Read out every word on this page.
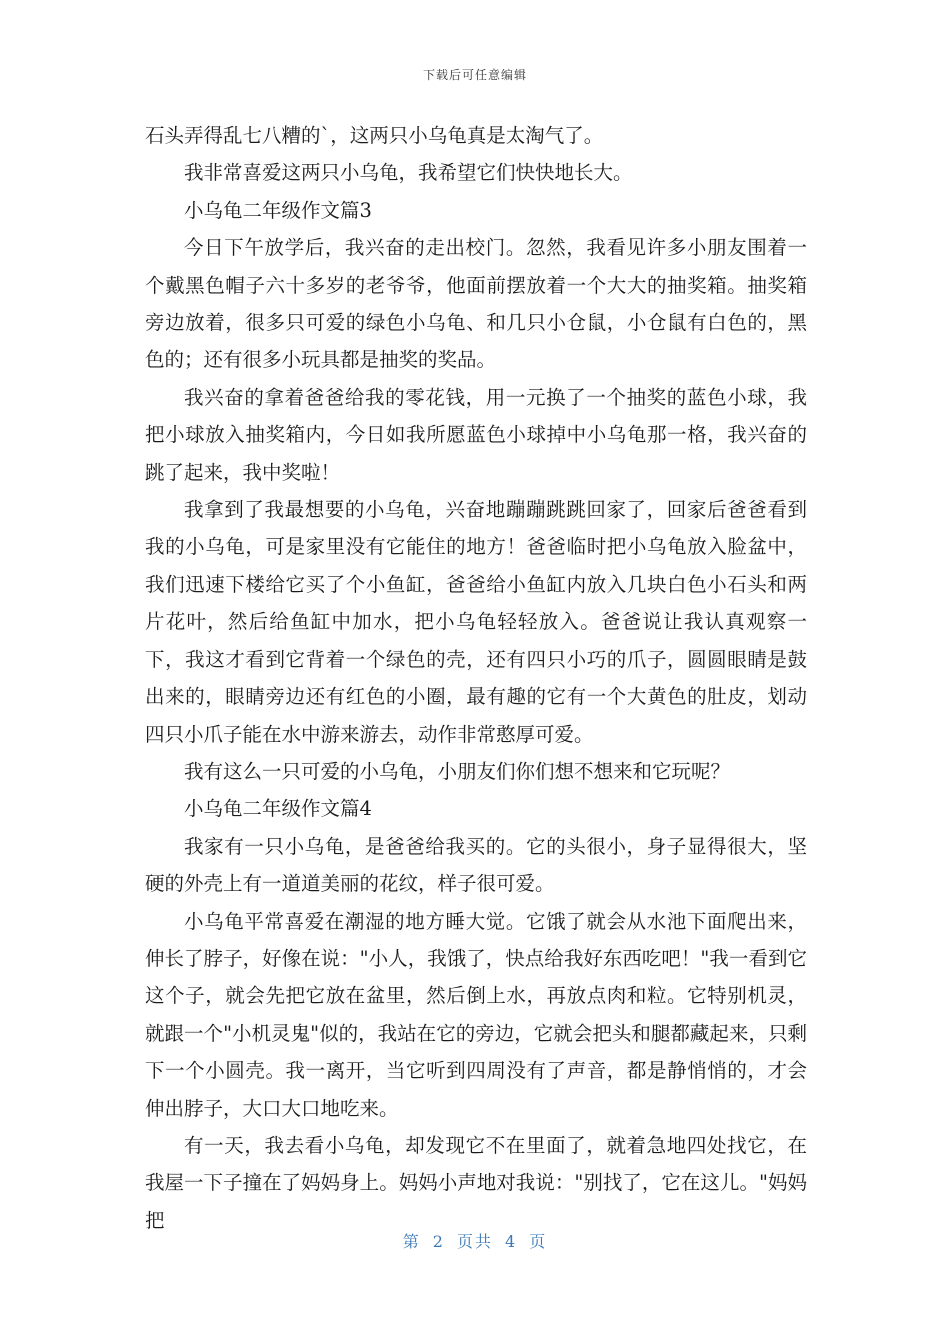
下载后可任意编辑

石头弄得乱七八糟的`，这两只小乌龟真是太淘气了。

我非常喜爱这两只小乌龟，我希望它们快快地长大。

小乌龟二年级作文篇3

今日下午放学后，我兴奋的走出校门。忽然，我看见许多小朋友围着一个戴黑色帽子六十多岁的老爷爷，他面前摆放着一个大大的抽奖箱。抽奖箱旁边放着，很多只可爱的绿色小乌龟、和几只小仓鼠，小仓鼠有白色的，黑色的；还有很多小玩具都是抽奖的奖品。

我兴奋的拿着爸爸给我的零花钱，用一元换了一个抽奖的蓝色小球，我把小球放入抽奖箱内，今日如我所愿蓝色小球掉中小乌龟那一格，我兴奋的跳了起来，我中奖啦！

我拿到了我最想要的小乌龟，兴奋地蹦蹦跳跳回家了，回家后爸爸看到我的小乌龟，可是家里没有它能住的地方！爸爸临时把小乌龟放入脸盆中，我们迅速下楼给它买了个小鱼缸，爸爸给小鱼缸内放入几块白色小石头和两片花叶，然后给鱼缸中加水，把小乌龟轻轻放入。爸爸说让我认真观察一下，我这才看到它背着一个绿色的壳，还有四只小巧的爪子，圆圆眼睛是鼓出来的，眼睛旁边还有红色的小圈，最有趣的它有一个大黄色的肚皮，划动四只小爪子能在水中游来游去，动作非常憨厚可爱。

我有这么一只可爱的小乌龟，小朋友们你们想不想来和它玩呢？

小乌龟二年级作文篇4

我家有一只小乌龟，是爸爸给我买的。它的头很小，身子显得很大，坚硬的外壳上有一道道美丽的花纹，样子很可爱。

小乌龟平常喜爱在潮湿的地方睡大觉。它饿了就会从水池下面爬出来，伸长了脖子，好像在说："小人，我饿了，快点给我好东西吃吧！"我一看到它这个子，就会先把它放在盆里，然后倒上水，再放点肉和粒。它特别机灵，就跟一个"小机灵鬼"似的，我站在它的旁边，它就会把头和腿都藏起来，只剩下一个小圆壳。我一离开，当它听到四周没有了声音，都是静悄悄的，才会伸出脖子，大口大口地吃来。

有一天，我去看小乌龟，却发现它不在里面了，就着急地四处找它，在我屋一下子撞在了妈妈身上。妈妈小声地对我说："别找了，它在这儿。"妈妈把

第 2 页共 4 页
